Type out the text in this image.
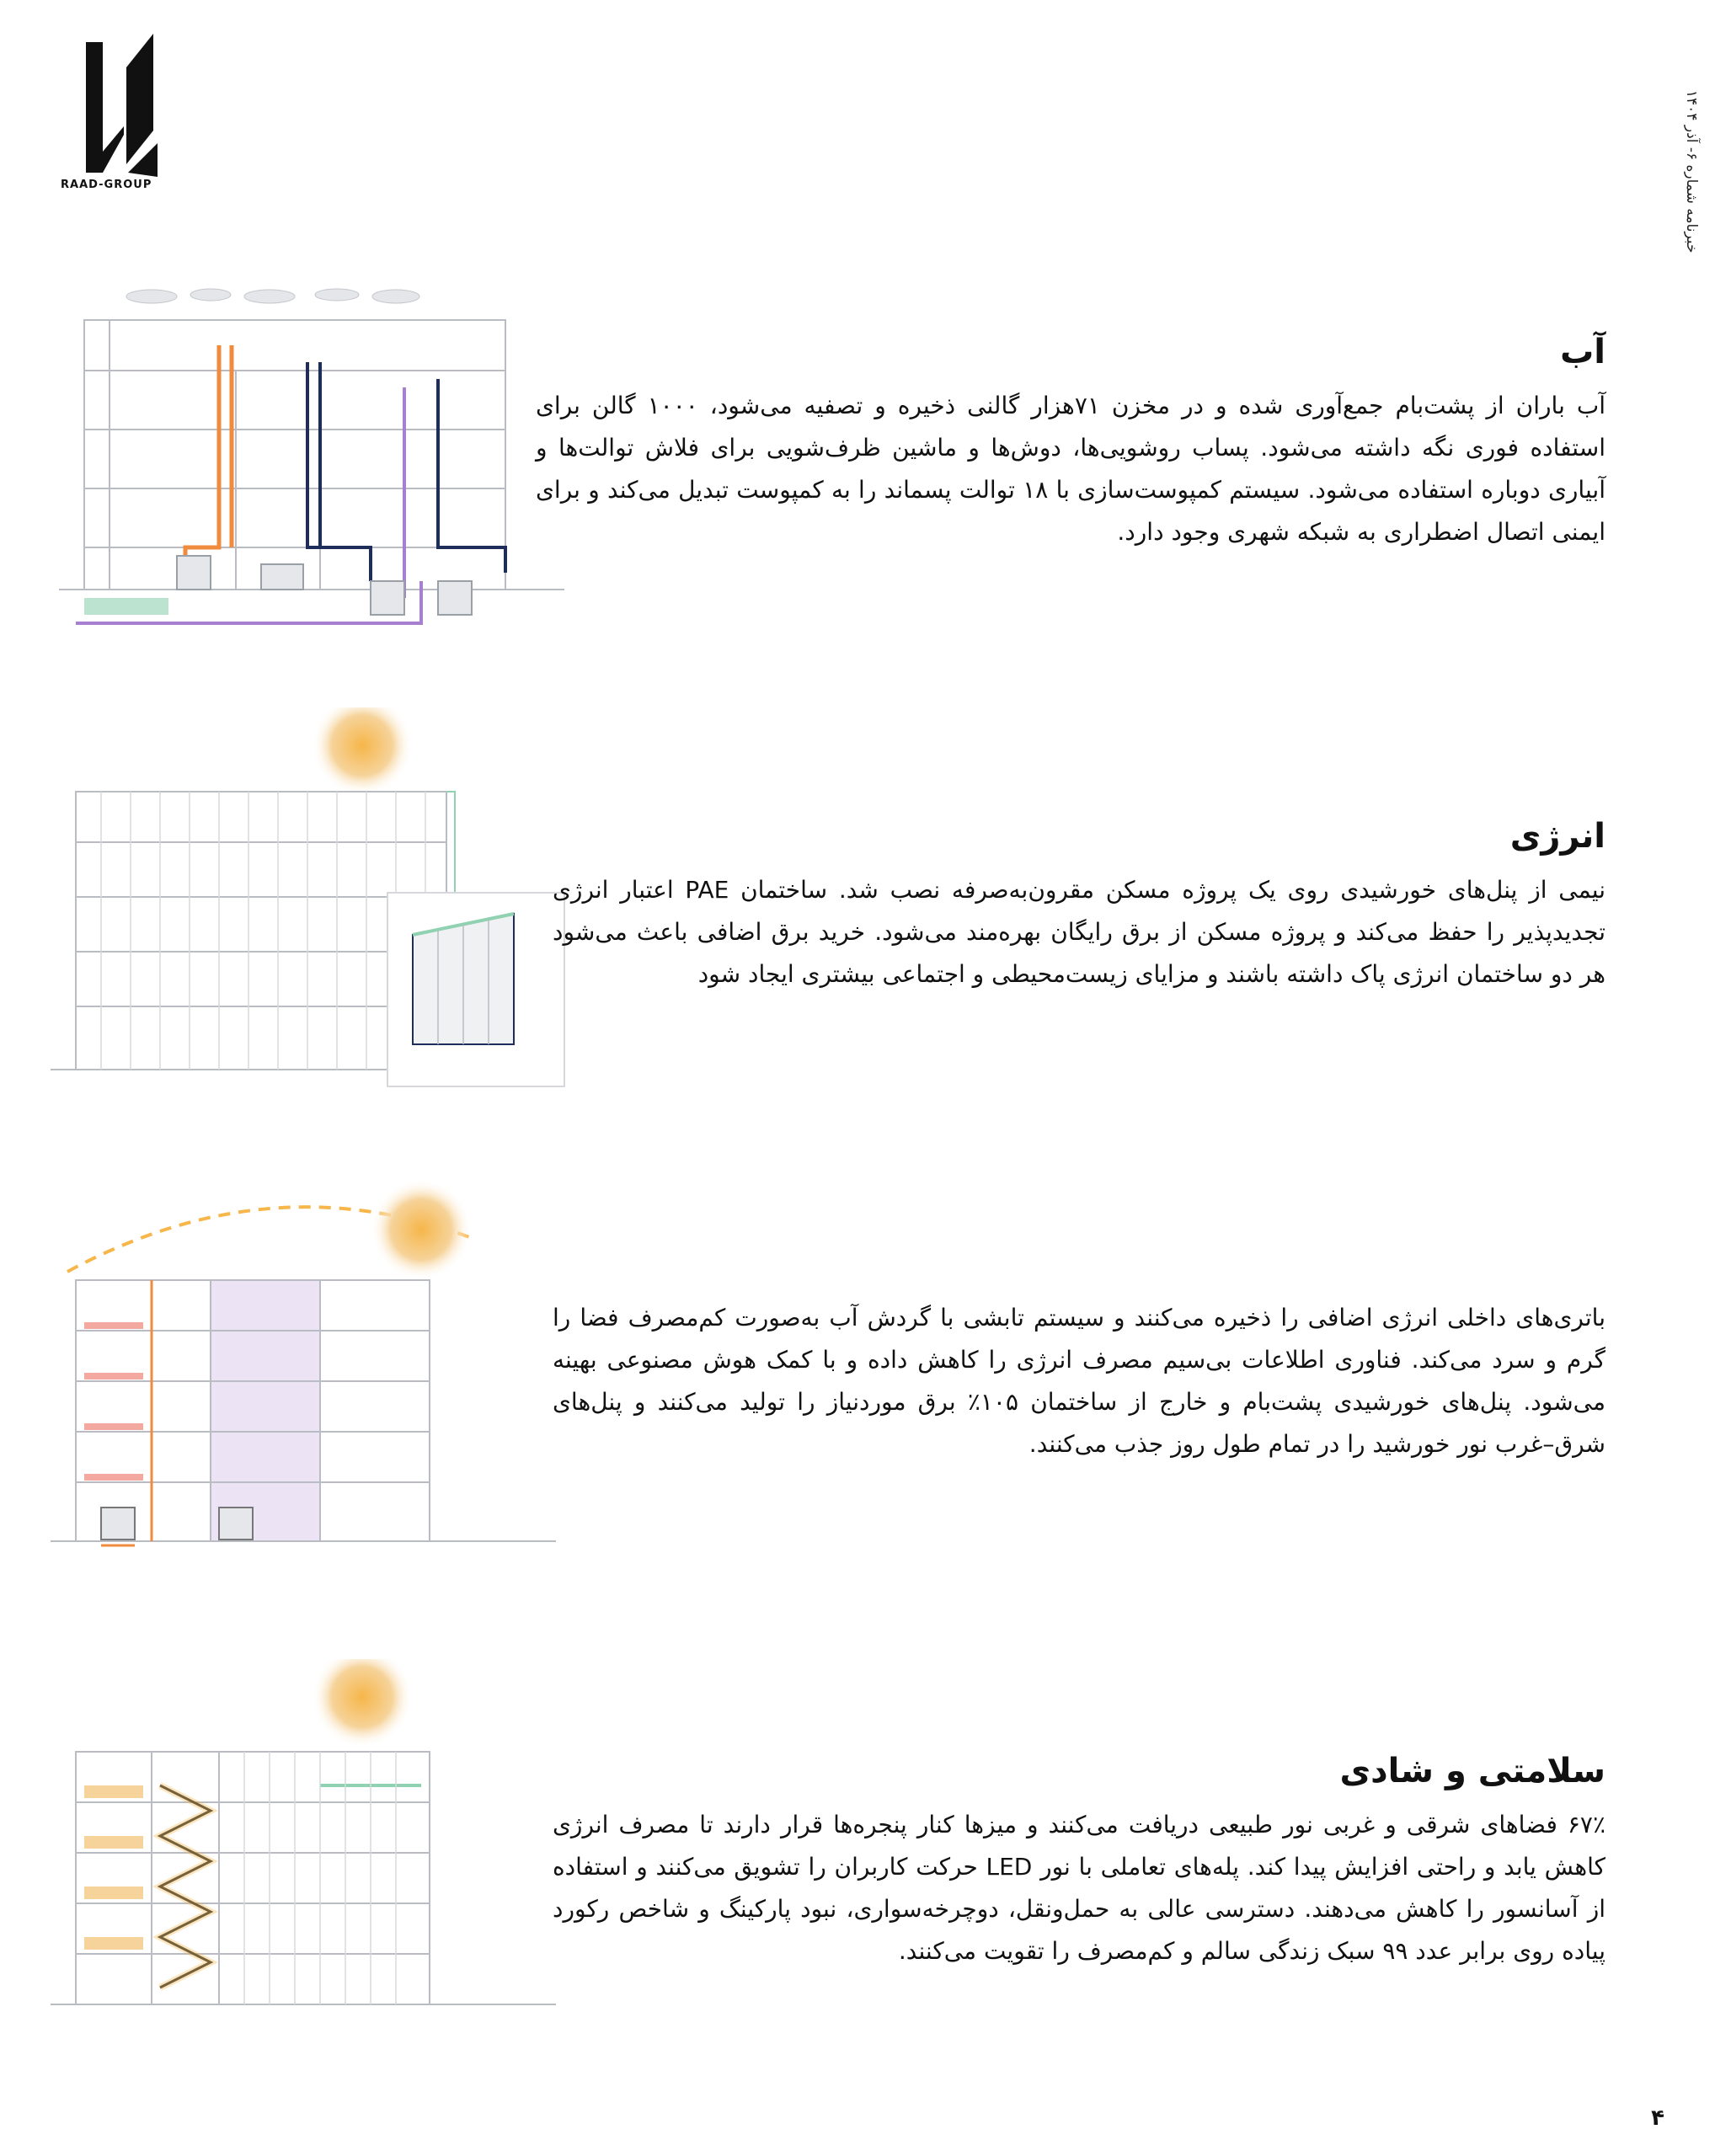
RAAD-GROUP
خبرنامه شماره ۶- آذر ۱۴۰۴
آب
آب باران از پشت‌بام جمع‌آوری شده و در مخزن ۷۱هزار گالنی ذخیره و تصفیه می‌شود، ۱۰۰۰ گالن برای استفاده فوری نگه داشته می‌شود. پساب روشویی‌ها، دوش‌ها و ماشین ظرف‌شویی برای فلاش توالت‌ها و آبیاری دوباره استفاده می‌شود. سیستم کمپوست‌سازی با ۱۸ توالت پسماند را به کمپوست تبدیل می‌کند و برای ایمنی اتصال اضطراری به شبکه شهری وجود دارد.
انرژی
نیمی از پنل‌های خورشیدی روی یک پروژه مسکن مقرون‌به‌صرفه نصب شد. ساختمان PAE اعتبار انرژی تجدیدپذیر را حفظ می‌کند و پروژه مسکن از برق رایگان بهره‌مند می‌شود. خرید برق اضافی باعث می‌شود هر دو ساختمان انرژی پاک داشته باشند و مزایای زیست‌محیطی و اجتماعی بیشتری ایجاد شود
باتری‌های داخلی انرژی اضافی را ذخیره می‌کنند و سیستم تابشی با گردش آب به‌صورت کم‌مصرف فضا را گرم و سرد می‌کند. فناوری اطلاعات بی‌سیم مصرف انرژی را کاهش داده و با کمک هوش مصنوعی بهینه می‌شود. پنل‌های خورشیدی پشت‌بام و خارج از ساختمان ۱۰۵٪ برق موردنیاز را تولید می‌کنند و پنل‌های شرق–غرب نور خورشید را در تمام طول روز جذب می‌کنند.
سلامتی و شادی
۶۷٪ فضاهای شرقی و غربی نور طبیعی دریافت می‌کنند و میزها کنار پنجره‌ها قرار دارند تا مصرف انرژی کاهش یابد و راحتی افزایش پیدا کند. پله‌های تعاملی با نور LED حرکت کاربران را تشویق می‌کنند و استفاده از آسانسور را کاهش می‌دهند. دسترسی عالی به حمل‌ونقل، دوچرخه‌سواری، نبود پارکینگ و شاخص رکورد پیاده روی برابر عدد ۹۹ سبک زندگی سالم و کم‌مصرف را تقویت می‌کنند.
۴
